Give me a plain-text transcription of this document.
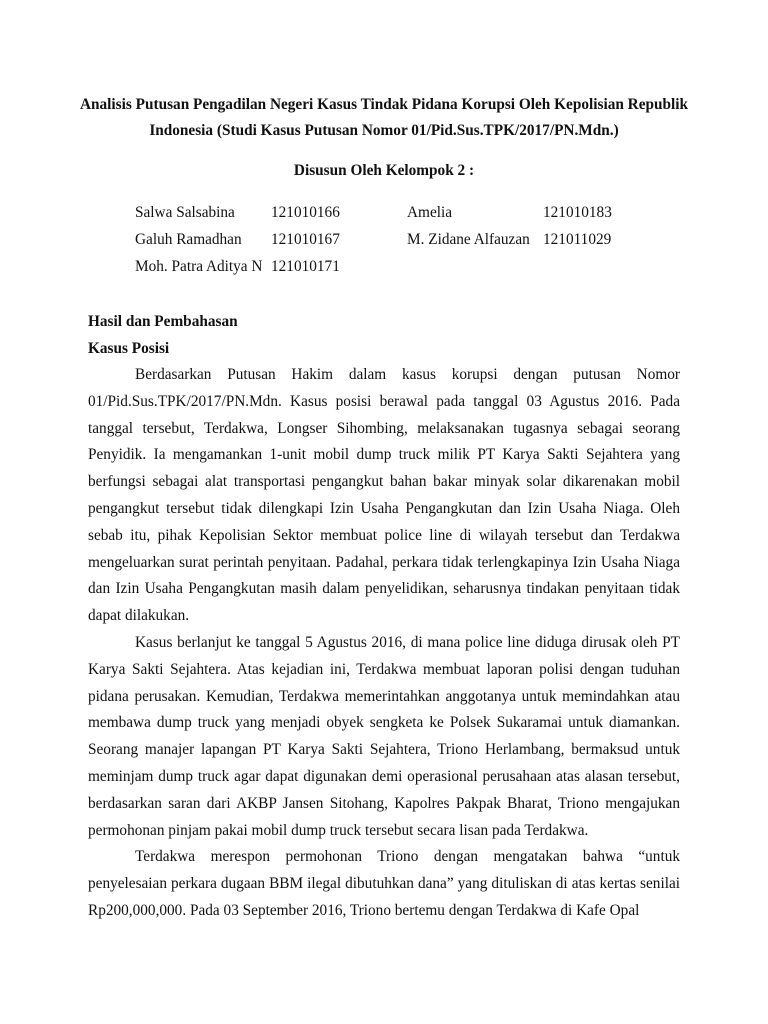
Analisis Putusan Pengadilan Negeri Kasus Tindak Pidana Korupsi Oleh Kepolisian Republik Indonesia (Studi Kasus Putusan Nomor 01/Pid.Sus.TPK/2017/PN.Mdn.)
Disusun Oleh Kelompok 2 :
Salwa Salsabina 121010166
Galuh Ramadhan 121010167
Moh. Patra Aditya N 121010171
Amelia	121010183
M. Zidane Alfauzan 121011029
Hasil dan Pembahasan
Kasus Posisi

Berdasarkan Putusan Hakim dalam kasus korupsi dengan putusan Nomor 01/Pid.Sus.TPK/2017/PN.Mdn. Kasus posisi berawal pada tanggal 03 Agustus 2016. Pada tanggal tersebut, Terdakwa, Longser Sihombing, melaksanakan tugasnya sebagai seorang Penyidik. Ia mengamankan 1-unit mobil dump truck milik PT Karya Sakti Sejahtera yang berfungsi sebagai alat transportasi pengangkut bahan bakar minyak solar dikarenakan mobil pengangkut tersebut tidak dilengkapi Izin Usaha Pengangkutan dan Izin Usaha Niaga. Oleh sebab itu, pihak Kepolisian Sektor membuat police line di wilayah tersebut dan Terdakwa mengeluarkan surat perintah penyitaan. Padahal, perkara tidak terlengkapinya Izin Usaha Niaga dan Izin Usaha Pengangkutan masih dalam penyelidikan, seharusnya tindakan penyitaan tidak dapat dilakukan.

Kasus berlanjut ke tanggal 5 Agustus 2016, di mana police line diduga dirusak oleh PT Karya Sakti Sejahtera. Atas kejadian ini, Terdakwa membuat laporan polisi dengan tuduhan pidana perusakan. Kemudian, Terdakwa memerintahkan anggotanya untuk memindahkan atau membawa dump truck yang menjadi obyek sengketa ke Polsek Sukaramai untuk diamankan. Seorang manajer lapangan PT Karya Sakti Sejahtera, Triono Herlambang, bermaksud untuk meminjam dump truck agar dapat digunakan demi operasional perusahaan atas alasan tersebut, berdasarkan saran dari AKBP Jansen Sitohang, Kapolres Pakpak Bharat, Triono mengajukan permohonan pinjam pakai mobil dump truck tersebut secara lisan pada Terdakwa.

Terdakwa merespon permohonan Triono dengan mengatakan bahwa “untuk penyelesaian perkara dugaan BBM ilegal dibutuhkan dana” yang dituliskan di atas kertas senilai Rp200,000,000. Pada 03 September 2016, Triono bertemu dengan Terdakwa di Kafe Opal
